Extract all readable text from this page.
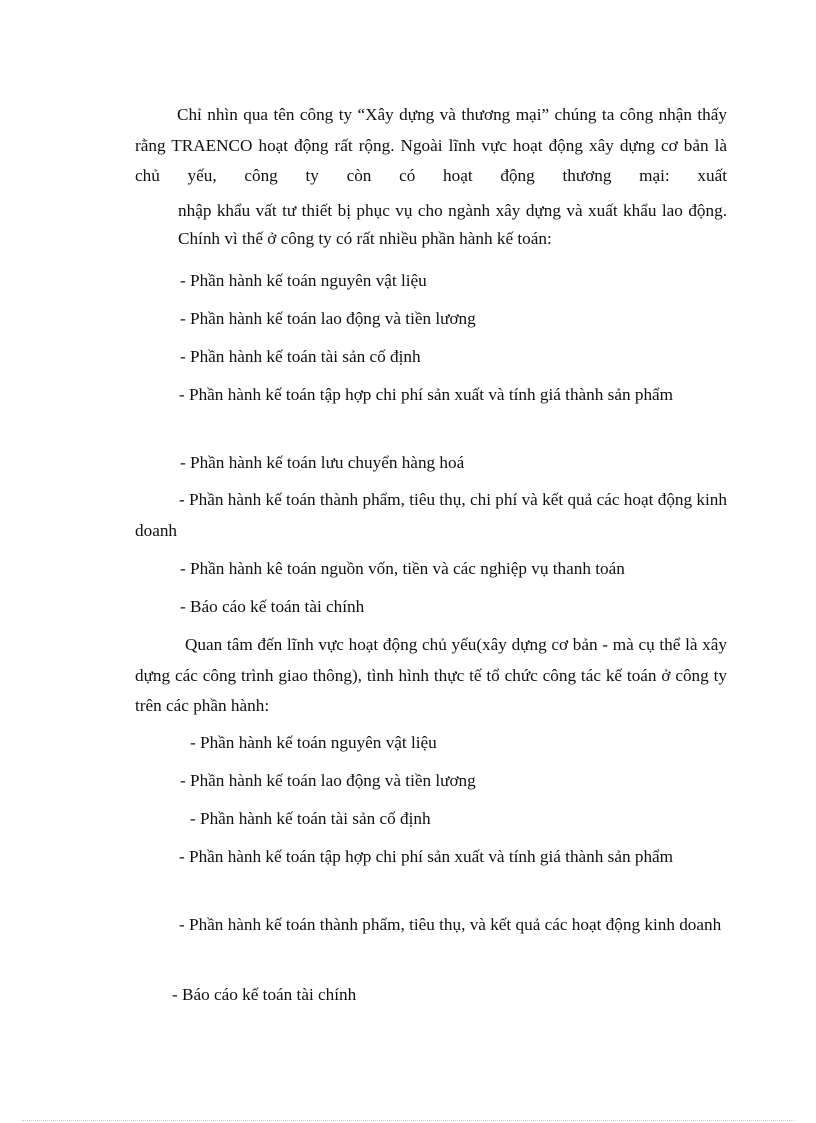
Chỉ nhìn qua tên công ty “Xây dựng và thương mại” chúng ta công nhận thấy rằng TRAENCO hoạt động rất rộng. Ngoài lĩnh vực hoạt động xây dựng cơ bản là chủ yếu, công ty còn có hoạt động thương mại: xuất

nhập khẩu vất tư thiết bị phục vụ cho ngành xây dựng và xuất khẩu lao động. Chính vì thế ở công ty có rất nhiều phần hành kế toán:

- Phần hành kế toán nguyên vật liệu

- Phần hành kế toán lao động và tiền lương

- Phần hành kế toán tài sản cố định

- Phần hành kế toán tập hợp chi phí sản xuất và tính giá thành sản phẩm

- Phần hành kế toán lưu chuyển hàng hoá

- Phần hành kế toán thành phẩm, tiêu thụ, chi phí và kết quả các hoạt động kinh doanh

- Phần hành kê toán nguồn vốn, tiền và các nghiệp vụ thanh toán

- Báo cáo kế toán tài chính

Quan tâm đến lĩnh vực hoạt động chủ yếu(xây dựng cơ bản - mà cụ thể là xây dựng các công trình giao thông), tình hình thực tế tổ chức công tác kế toán ở công ty trên các phần hành:

- Phần hành kế toán nguyên vật liệu

- Phần hành kế toán lao động và tiền lương

- Phần hành kế toán tài sản cố định

- Phần hành kế toán tập hợp chi phí sản xuất và tính giá thành sản phẩm

- Phần hành kế toán thành phẩm, tiêu thụ, và kết quả các hoạt động kinh doanh

- Báo cáo kế toán tài chính
